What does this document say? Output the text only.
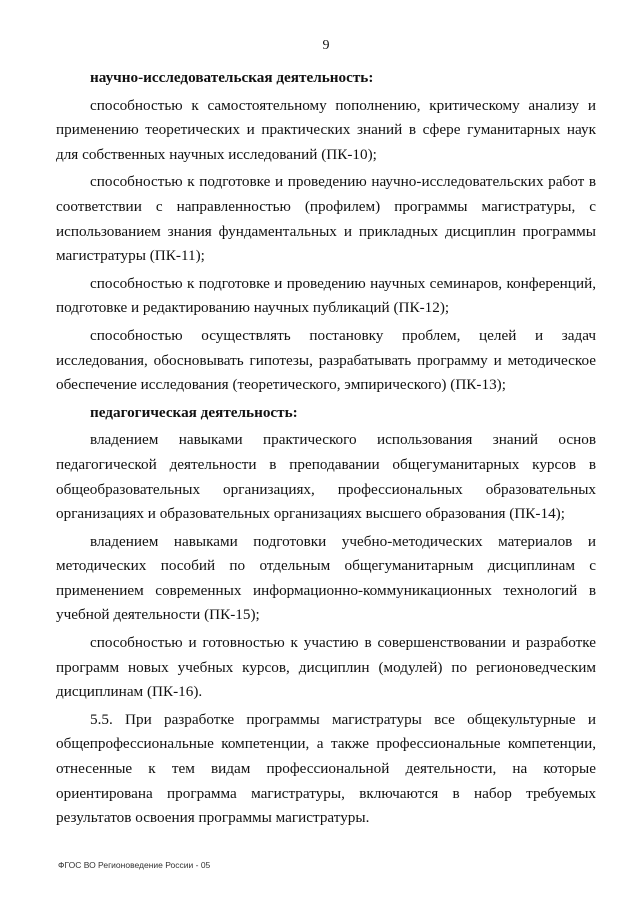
9
научно-исследовательская деятельность:

способностью к самостоятельному пополнению, критическому анализу и применению теоретических и практических знаний в сфере гуманитарных наук для собственных научных исследований (ПК-10);

способностью к подготовке и проведению научно-исследовательских работ в соответствии с направленностью (профилем) программы магистратуры, с использованием знания фундаментальных и прикладных дисциплин программы магистратуры (ПК-11);

способностью к подготовке и проведению научных семинаров, конференций, подготовке и редактированию научных публикаций (ПК-12);

способностью осуществлять постановку проблем, целей и задач исследования, обосновывать гипотезы, разрабатывать программу и методическое обеспечение исследования (теоретического, эмпирического) (ПК-13);

педагогическая деятельность:

владением навыками практического использования знаний основ педагогической деятельности в преподавании общегуманитарных курсов в общеобразовательных организациях, профессиональных образовательных организациях и образовательных организациях высшего образования (ПК-14);

владением навыками подготовки учебно-методических материалов и методических пособий по отдельным общегуманитарным дисциплинам с применением современных информационно-коммуникационных технологий в учебной деятельности (ПК-15);

способностью и готовностью к участию в совершенствовании и разработке программ новых учебных курсов, дисциплин (модулей) по регионоведческим дисциплинам (ПК-16).

5.5. При разработке программы магистратуры все общекультурные и общепрофессиональные компетенции, а также профессиональные компетенции, отнесенные к тем видам профессиональной деятельности, на которые ориентирована программа магистратуры, включаются в набор требуемых результатов освоения программы магистратуры.

ФГОС ВО Регионоведение России - 05
